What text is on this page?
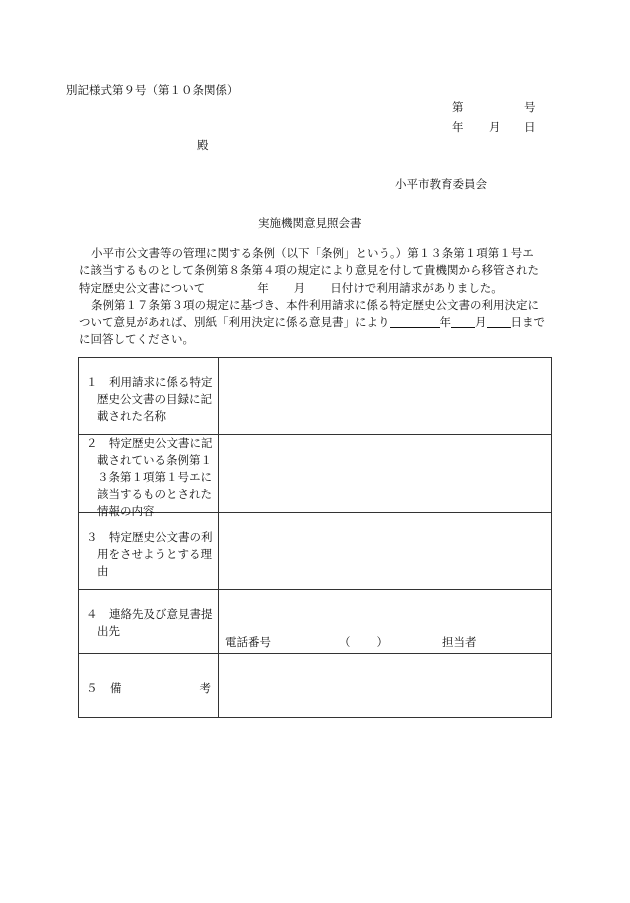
別記様式第９号（第１０条関係）
第	号
年 月 日
殿
小平市教育委員会
実施機関意見照会書
小平市公文書等の管理に関する条例（以下「条例」という。）第１３条第１項第１号エ
に該当するものとして条例第８条第４項の規定により意見を付して貴機関から移管された
特定歴史公文書について	年 月 日付けで利用請求がありました。
条例第１７条第３項の規定に基づき、本件利用請求に係る特定歴史公文書の利用決定に
ついて意見があれば、別紙「利用決定に係る意見書」により	年 月 日まで
に回答してください。
１　利用請求に係る特定
歴史公文書の目録に記
載された名称	

２　特定歴史公文書に記
載されている条例第１
３条第１項第１号エに
該当するものとされた
情報の内容	

３　特定歴史公文書の利
用をさせようとする理
由	

４　連絡先及び意見書提
出先	電話番号 （ ） 担当者

５ 備 考	
